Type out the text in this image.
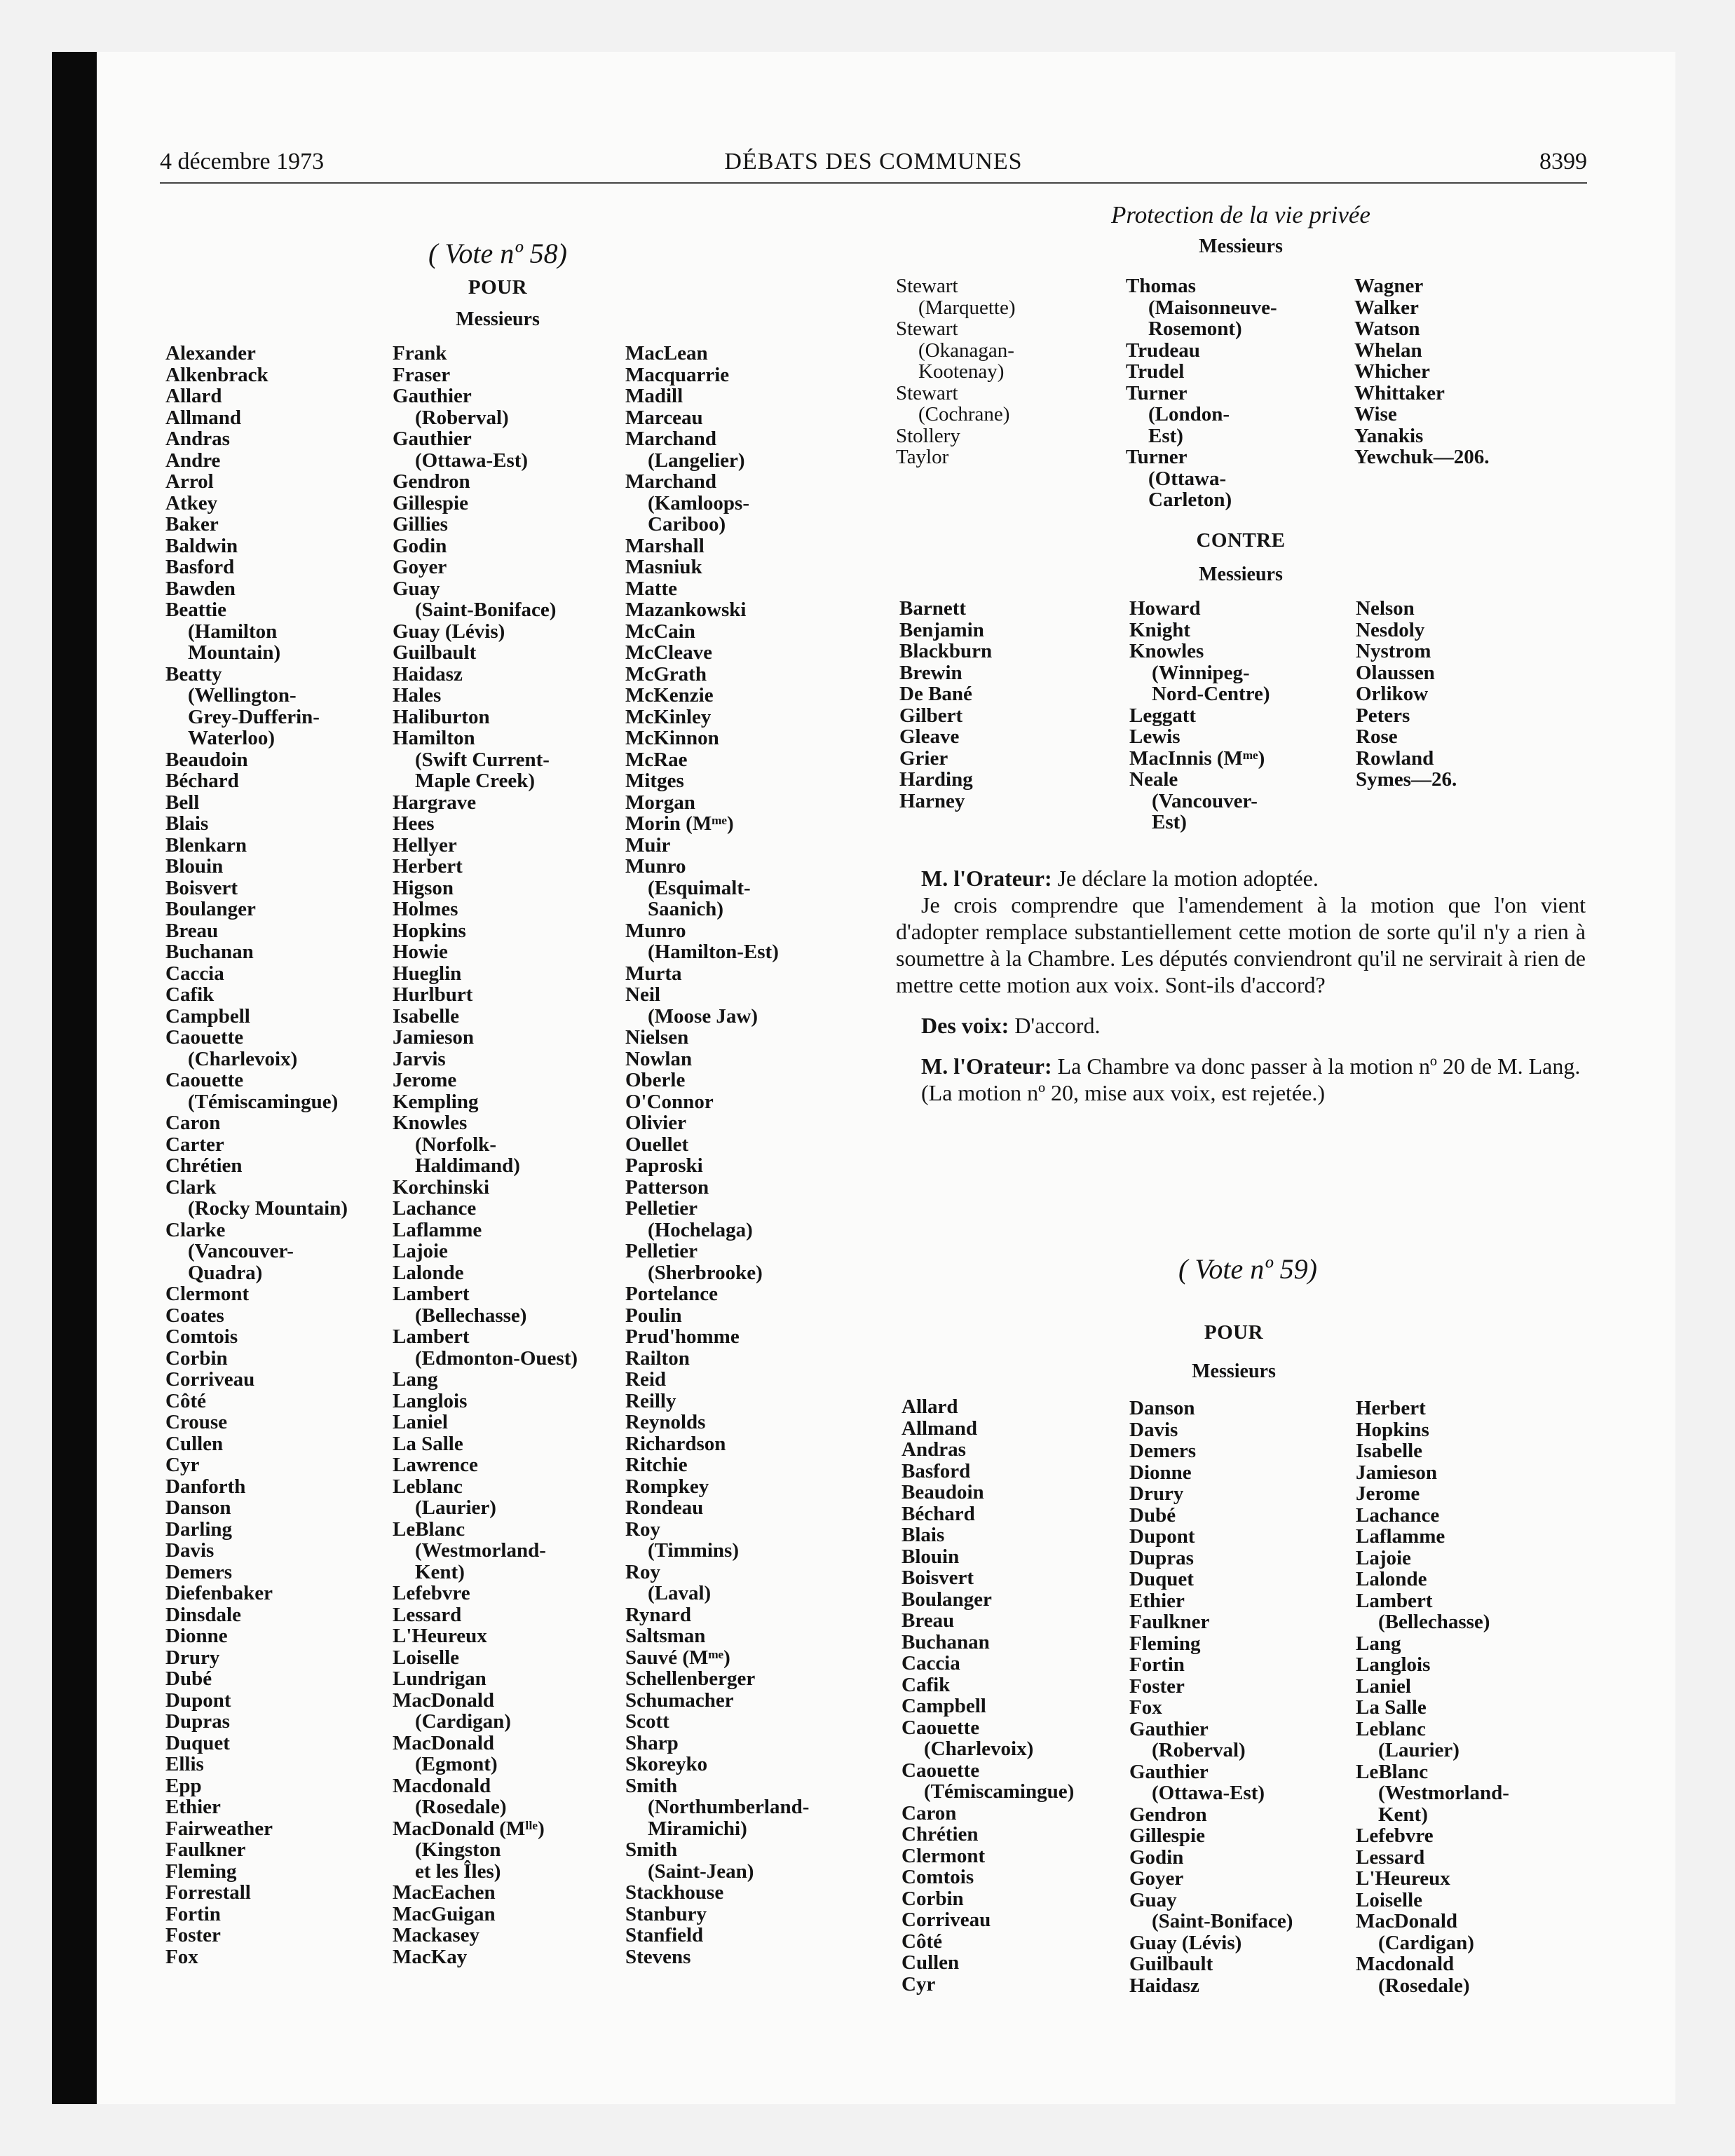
4 décembre 1973	DÉBATS DES COMMUNES	8399
( Vote nº 58)
POUR
Messieurs
Alexander
Alkenbrack
Allard
Allmand
Andras
Andre
Arrol
Atkey
Baker
Baldwin
Basford
Bawden
Beattie
(Hamilton
Mountain)
Beatty
(Wellington-
Grey-Dufferin-
Waterloo)
Beaudoin
Béchard
Bell
Blais
Blenkarn
Blouin
Boisvert
Boulanger
Breau
Buchanan
Caccia
Cafik
Campbell
Caouette
(Charlevoix)
Caouette
(Témiscamingue)
Caron
Carter
Chrétien
Clark
(Rocky Mountain)
Clarke
(Vancouver-
Quadra)
Clermont
Coates
Comtois
Corbin
Corriveau
Côté
Crouse
Cullen
Cyr
Danforth
Danson
Darling
Davis
Demers
Diefenbaker
Dinsdale
Dionne
Drury
Dubé
Dupont
Dupras
Duquet
Ellis
Epp
Ethier
Fairweather
Faulkner
Fleming
Forrestall
Fortin
Foster
Fox
Frank
Fraser
Gauthier
(Roberval)
Gauthier
(Ottawa-Est)
Gendron
Gillespie
Gillies
Godin
Goyer
Guay
(Saint-Boniface)
Guay (Lévis)
Guilbault
Haidasz
Hales
Haliburton
Hamilton
(Swift Current-
Maple Creek)
Hargrave
Hees
Hellyer
Herbert
Higson
Holmes
Hopkins
Howie
Hueglin
Hurlburt
Isabelle
Jamieson
Jarvis
Jerome
Kempling
Knowles
(Norfolk-
Haldimand)
Korchinski
Lachance
Laflamme
Lajoie
Lalonde
Lambert
(Bellechasse)
Lambert
(Edmonton-Ouest)
Lang
Langlois
Laniel
La Salle
Lawrence
Leblanc
(Laurier)
LeBlanc
(Westmorland-
Kent)
Lefebvre
Lessard
L'Heureux
Loiselle
Lundrigan
MacDonald
(Cardigan)
MacDonald
(Egmont)
Macdonald
(Rosedale)
MacDonald (Mˡˡᵉ)
(Kingston
et les Îles)
MacEachen
MacGuigan
Mackasey
MacKay
MacLean
Macquarrie
Madill
Marceau
Marchand
(Langelier)
Marchand
(Kamloops-
Cariboo)
Marshall
Masniuk
Matte
Mazankowski
McCain
McCleave
McGrath
McKenzie
McKinley
McKinnon
McRae
Mitges
Morgan
Morin (Mᵐᵉ)
Muir
Munro
(Esquimalt-
Saanich)
Munro
(Hamilton-Est)
Murta
Neil
(Moose Jaw)
Nielsen
Nowlan
Oberle
O'Connor
Olivier
Ouellet
Paproski
Patterson
Pelletier
(Hochelaga)
Pelletier
(Sherbrooke)
Portelance
Poulin
Prud'homme
Railton
Reid
Reilly
Reynolds
Richardson
Ritchie
Rompkey
Rondeau
Roy
(Timmins)
Roy
(Laval)
Rynard
Saltsman
Sauvé (Mᵐᵉ)
Schellenberger
Schumacher
Scott
Sharp
Skoreyko
Smith
(Northumberland-
Miramichi)
Smith
(Saint-Jean)
Stackhouse
Stanbury
Stanfield
Stevens
Protection de la vie privée
Messieurs
Stewart
(Marquette)
Stewart
(Okanagan-
Kootenay)
Stewart
(Cochrane)
Stollery
Taylor
Thomas
(Maisonneuve-
Rosemont)
Trudeau
Trudel
Turner
(London-
Est)
Turner
(Ottawa-
Carleton)
Wagner
Walker
Watson
Whelan
Whicher
Whittaker
Wise
Yanakis
Yewchuk—206.
CONTRE
Messieurs
Barnett
Benjamin
Blackburn
Brewin
De Bané
Gilbert
Gleave
Grier
Harding
Harney
Howard
Knight
Knowles
(Winnipeg-
Nord-Centre)
Leggatt
Lewis
MacInnis (Mᵐᵉ)
Neale
(Vancouver-
Est)
Nelson
Nesdoly
Nystrom
Olaussen
Orlikow
Peters
Rose
Rowland
Symes—26.

M. l'Orateur: Je déclare la motion adoptée.

Je crois comprendre que l'amendement à la motion que l'on vient d'adopter remplace substantiellement cette motion de sorte qu'il n'y a rien à soumettre à la Chambre. Les députés conviendront qu'il ne servirait à rien de mettre cette motion aux voix. Sont-ils d'accord?

Des voix: D'accord.

M. l'Orateur: La Chambre va donc passer à la motion nº 20 de M. Lang.

(La motion nº 20, mise aux voix, est rejetée.)

( Vote nº 59)
POUR
Messieurs
Allard
Allmand
Andras
Basford
Beaudoin
Béchard
Blais
Blouin
Boisvert
Boulanger
Breau
Buchanan
Caccia
Cafik
Campbell
Caouette
(Charlevoix)
Caouette
(Témiscamingue)
Caron
Chrétien
Clermont
Comtois
Corbin
Corriveau
Côté
Cullen
Cyr
Danson
Davis
Demers
Dionne
Drury
Dubé
Dupont
Dupras
Duquet
Ethier
Faulkner
Fleming
Fortin
Foster
Fox
Gauthier
(Roberval)
Gauthier
(Ottawa-Est)
Gendron
Gillespie
Godin
Goyer
Guay
(Saint-Boniface)
Guay (Lévis)
Guilbault
Haidasz
Herbert
Hopkins
Isabelle
Jamieson
Jerome
Lachance
Laflamme
Lajoie
Lalonde
Lambert
(Bellechasse)
Lang
Langlois
Laniel
La Salle
Leblanc
(Laurier)
LeBlanc
(Westmorland-
Kent)
Lefebvre
Lessard
L'Heureux
Loiselle
MacDonald
(Cardigan)
Macdonald
(Rosedale)
